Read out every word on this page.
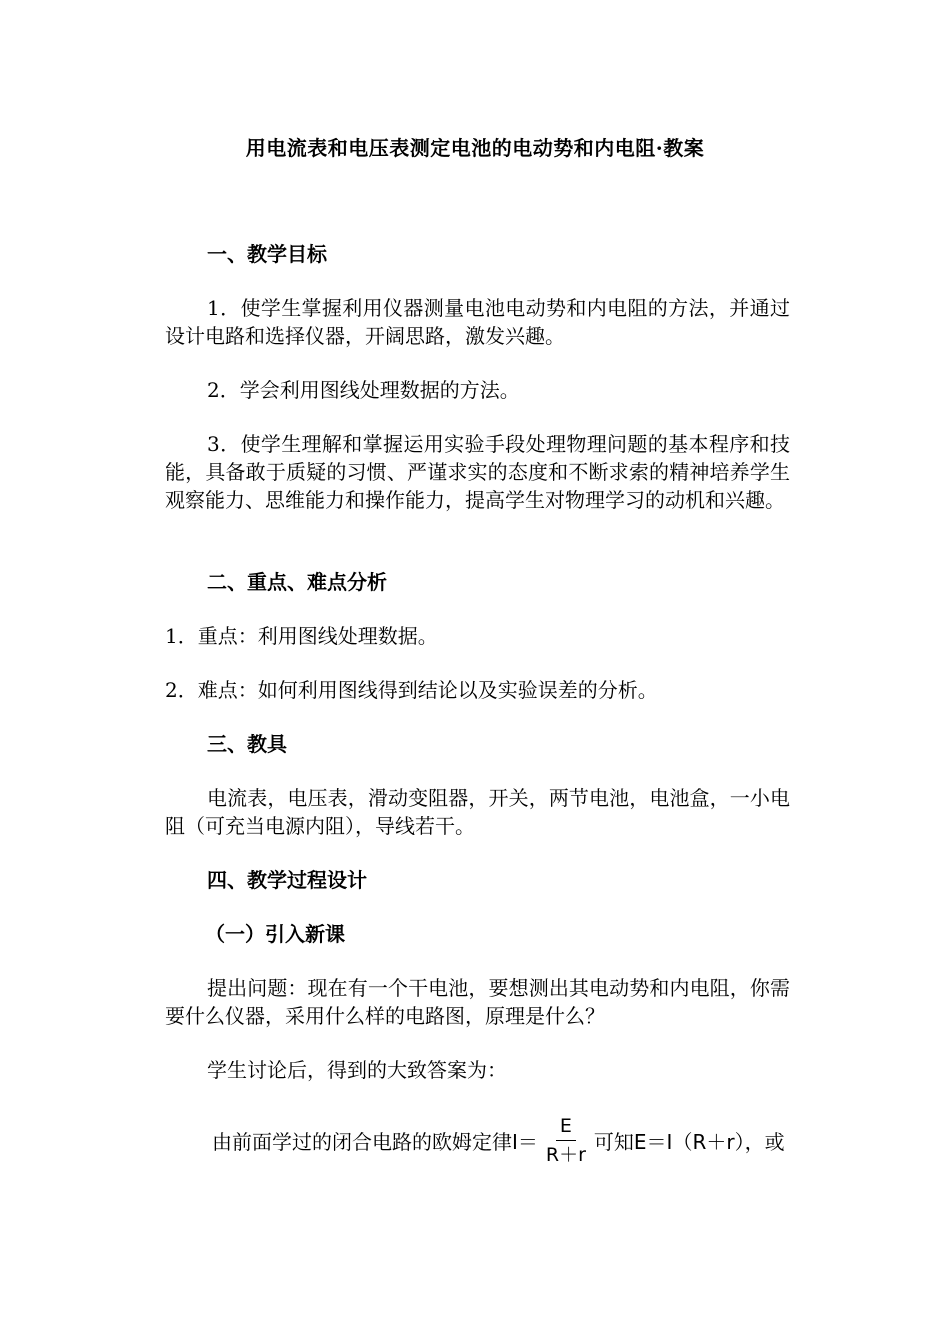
用电流表和电压表测定电池的电动势和内电阻·教案
一、教学目标
1．使学生掌握利用仪器测量电池电动势和内电阻的方法，并通过设计电路和选择仪器，开阔思路，激发兴趣。
2．学会利用图线处理数据的方法。
3．使学生理解和掌握运用实验手段处理物理问题的基本程序和技能，具备敢于质疑的习惯、严谨求实的态度和不断求索的精神培养学生观察能力、思维能力和操作能力，提高学生对物理学习的动机和兴趣。
二、重点、难点分析
1．重点：利用图线处理数据。
2．难点：如何利用图线得到结论以及实验误差的分析。
三、教具
电流表，电压表，滑动变阻器，开关，两节电池，电池盒，一小电阻（可充当电源内阻），导线若干。
四、教学过程设计
（一）引入新课
提出问题：现在有一个干电池，要想测出其电动势和内电阻，你需要什么仪器，采用什么样的电路图，原理是什么？
学生讨论后，得到的大致答案为：
由前面学过的闭合电路的欧姆定律$I= \frac{E}{R+r}$ 可知E＝I（R＋r），或
